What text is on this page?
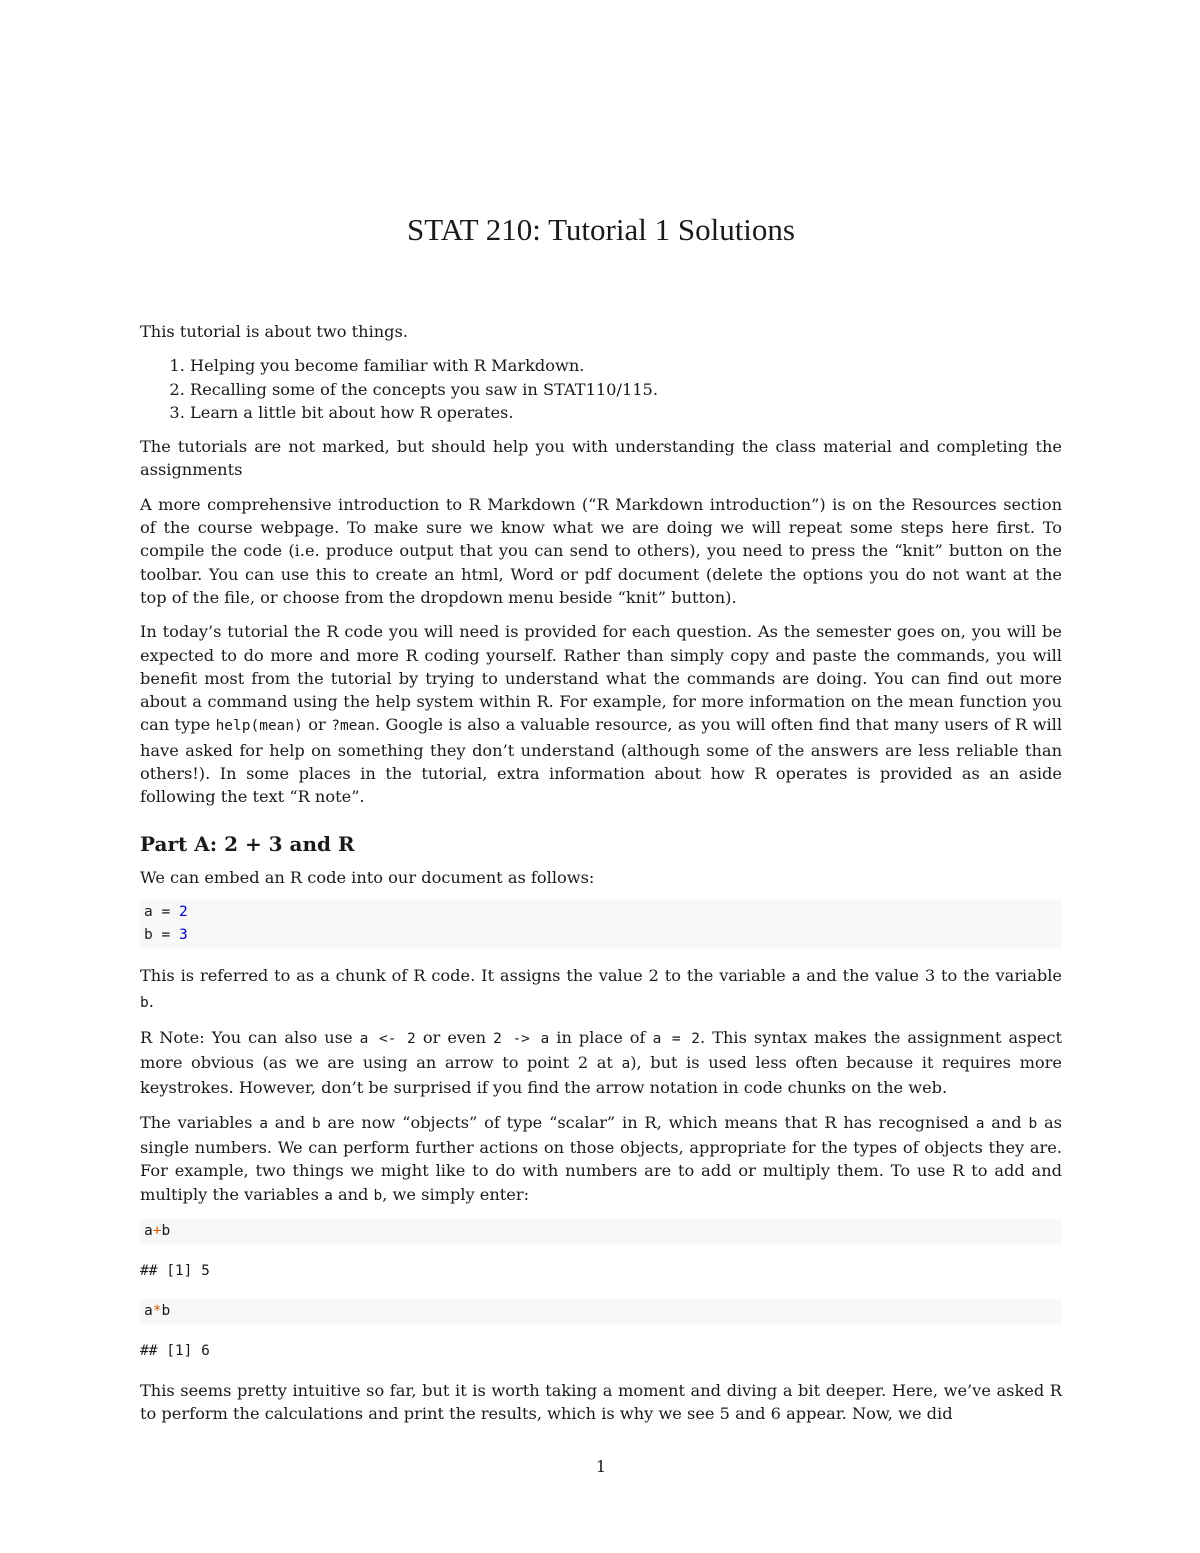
STAT 210: Tutorial 1 Solutions

This tutorial is about two things.

1. Helping you become familiar with R Markdown.
2. Recalling some of the concepts you saw in STAT110/115.
3. Learn a little bit about how R operates.

The tutorials are not marked, but should help you with understanding the class material and completing the assignments

A more comprehensive introduction to R Markdown (“R Markdown introduction”) is on the Resources section of the course webpage. To make sure we know what we are doing we will repeat some steps here first. To compile the code (i.e. produce output that you can send to others), you need to press the “knit” button on the toolbar. You can use this to create an html, Word or pdf document (delete the options you do not want at the top of the file, or choose from the dropdown menu beside “knit” button).

In today’s tutorial the R code you will need is provided for each question. As the semester goes on, you will be expected to do more and more R coding yourself. Rather than simply copy and paste the commands, you will benefit most from the tutorial by trying to understand what the commands are doing. You can find out more about a command using the help system within R. For example, for more information on the mean function you can type help(mean) or ?mean. Google is also a valuable resource, as you will often find that many users of R will have asked for help on something they don’t understand (although some of the answers are less reliable than others!). In some places in the tutorial, extra information about how R operates is provided as an aside following the text “R note”.

Part A: 2 + 3 and R

We can embed an R code into our document as follows:

a = 2
b = 3

This is referred to as a chunk of R code. It assigns the value 2 to the variable a and the value 3 to the variable b.

R Note: You can also use a <- 2 or even 2 -> a in place of a = 2. This syntax makes the assignment aspect more obvious (as we are using an arrow to point 2 at a), but is used less often because it requires more keystrokes. However, don’t be surprised if you find the arrow notation in code chunks on the web.

The variables a and b are now “objects” of type “scalar” in R, which means that R has recognised a and b as single numbers. We can perform further actions on those objects, appropriate for the types of objects they are. For example, two things we might like to do with numbers are to add or multiply them. To use R to add and multiply the variables a and b, we simply enter:

a+b
## [1] 5
a*b
## [1] 6

This seems pretty intuitive so far, but it is worth taking a moment and diving a bit deeper. Here, we’ve asked R to perform the calculations and print the results, which is why we see 5 and 6 appear. Now, we did

1
